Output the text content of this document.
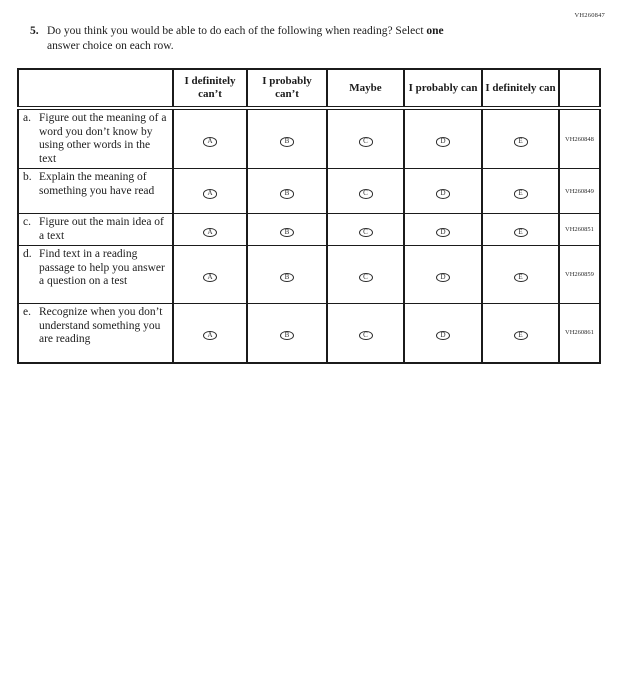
VH260847
5. Do you think you would be able to do each of the following when reading? Select one
answer choice on each row.
	I definitely can’t	I probably can’t	Maybe	I probably can	I definitely can	

a. Figure out the meaning of a word you don’t know by using other words in the text	A	B	C	D	E	VH260848

b. Explain the meaning of something you have read	A	B	C	D	E	VH260849

c. Figure out the main idea of a text	A	B	C	D	E	VH260851

d. Find text in a reading passage to help you answer a question on a test	A	B	C	D	E	VH260859

e. Recognize when you don’t understand something you are reading	A	B	C	D	E	VH260861
